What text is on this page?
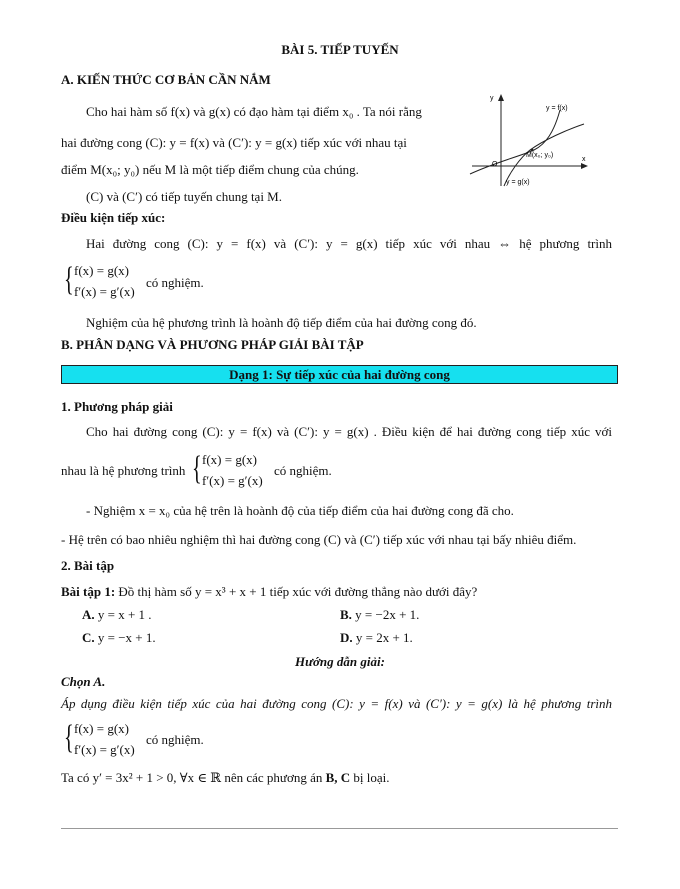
BÀI 5. TIẾP TUYẾN
A. KIẾN THỨC CƠ BẢN CẦN NẮM
Cho hai hàm số f(x) và g(x) có đạo hàm tại điểm x₀ . Ta nói rằng
hai đường cong (C): y = f(x) và (C′): y = g(x) tiếp xúc với nhau tại
điểm M(x₀; y₀) nếu M là một tiếp điểm chung của chúng.
(C) và (C′) có tiếp tuyến chung tại M.
y
x
O
y = f(x)
y = g(x)
M(x₀; y₀)
Điều kiện tiếp xúc:
Hai đường cong (C): y = f(x) và (C′): y = g(x) tiếp xúc với nhau ⇔ hệ phương trình
{ f(x) = g(x)
f′(x) = g′(x)
có nghiệm.
Nghiệm của hệ phương trình là hoành độ tiếp điểm của hai đường cong đó.
B. PHÂN DẠNG VÀ PHƯƠNG PHÁP GIẢI BÀI TẬP
Dạng 1: Sự tiếp xúc của hai đường cong
1. Phương pháp giải
Cho hai đường cong (C): y = f(x) và (C′): y = g(x) . Điều kiện để hai đường cong tiếp xúc với
nhau là hệ phương trình { f(x) = g(x)
f′(x) = g′(x)
có nghiệm.
- Nghiệm x = x₀ của hệ trên là hoành độ của tiếp điểm của hai đường cong đã cho.
- Hệ trên có bao nhiêu nghiệm thì hai đường cong (C) và (C′) tiếp xúc với nhau tại bấy nhiêu điểm.
2. Bài tập
Bài tập 1: Đồ thị hàm số y = x³ + x + 1 tiếp xúc với đường thẳng nào dưới đây?
A. y = x + 1 .	B. y = −2x + 1.
C. y = −x + 1.	D. y = 2x + 1.
Hướng dẫn giải:
Chọn A.
Áp dụng điều kiện tiếp xúc của hai đường cong (C): y = f(x) và (C′): y = g(x) là hệ phương trình
{ f(x) = g(x)
f′(x) = g′(x)
có nghiệm.
Ta có y′ = 3x² + 1 > 0, ∀x ∈ ℝ nên các phương án B, C bị loại.
